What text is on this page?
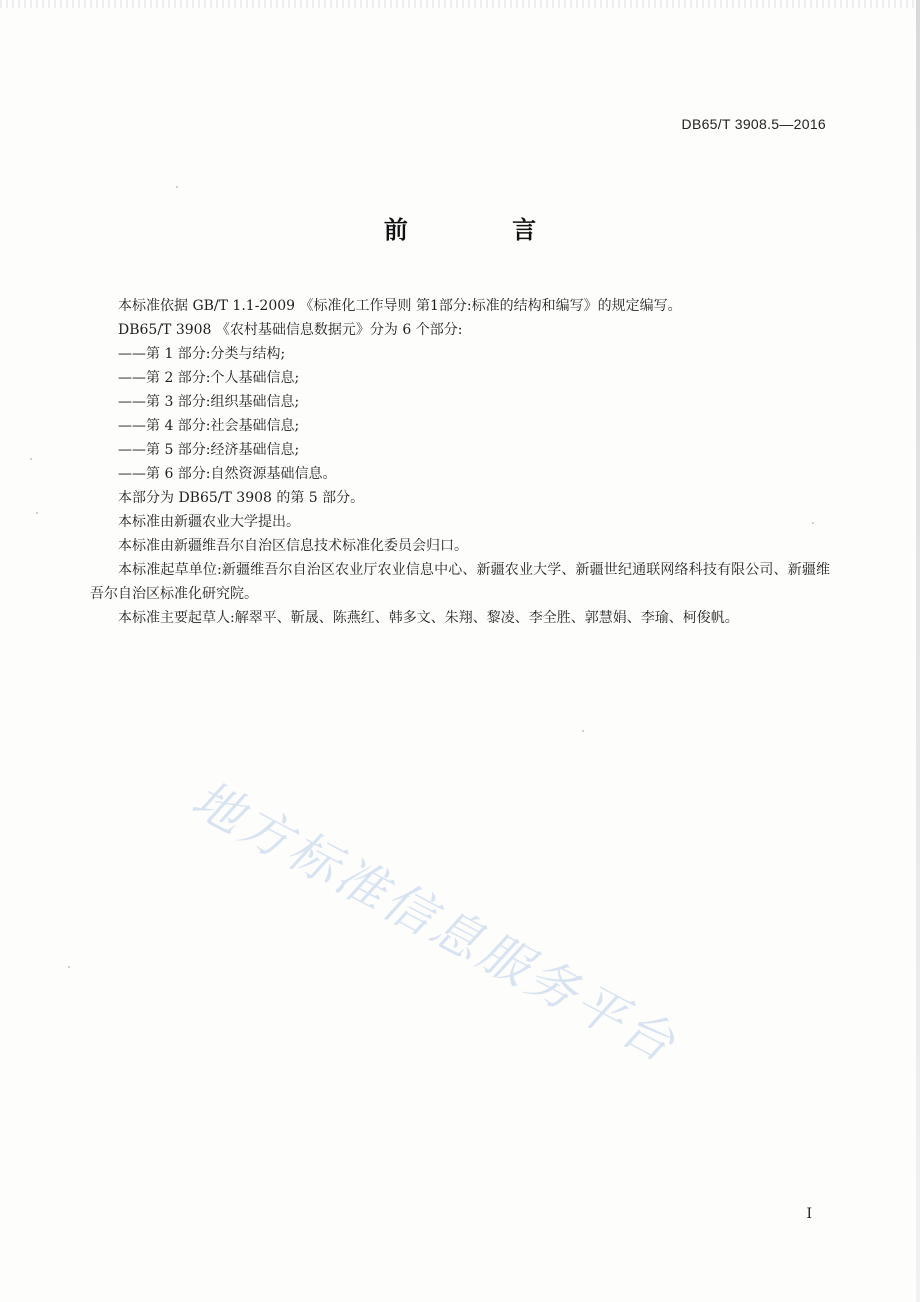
DB65/T 3908.5—2016
前 言

本标准依据 GB/T 1.1-2009 《标准化工作导则 第1部分:标准的结构和编写》的规定编写。

DB65/T 3908 《农村基础信息数据元》分为 6 个部分:

——第 1 部分:分类与结构;

——第 2 部分:个人基础信息;

——第 3 部分:组织基础信息;

——第 4 部分:社会基础信息;

——第 5 部分:经济基础信息;

——第 6 部分:自然资源基础信息。

本部分为 DB65/T 3908 的第 5 部分。

本标准由新疆农业大学提出。

本标准由新疆维吾尔自治区信息技术标准化委员会归口。

本标准起草单位:新疆维吾尔自治区农业厅农业信息中心、新疆农业大学、新疆世纪通联网络科技有限公司、新疆维吾尔自治区标准化研究院。

本标准主要起草人:解翠平、靳晟、陈燕红、韩多文、朱翔、黎凌、李全胜、郭慧娟、李瑜、柯俊帆。

地方标准信息服务平台
I
